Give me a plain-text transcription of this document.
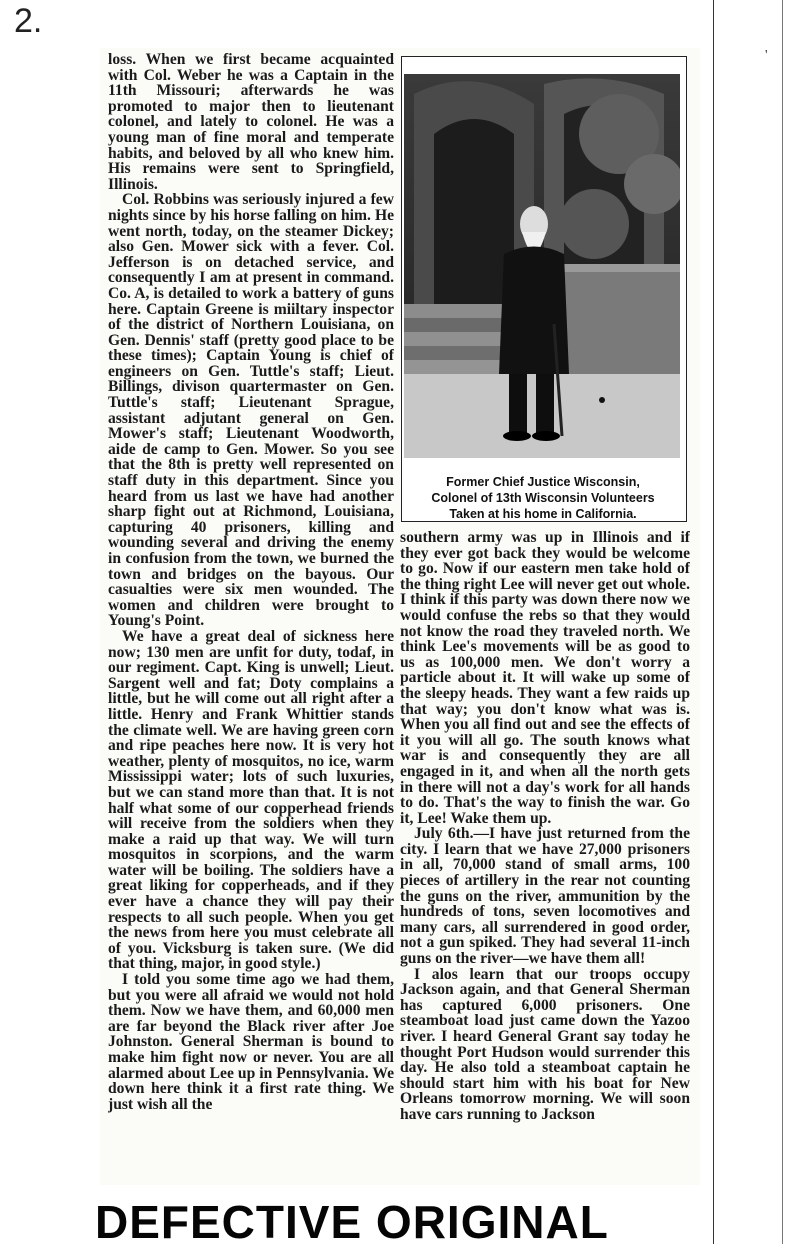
2.
'

loss. When we first became acquainted with Col. Weber he was a Captain in the 11th Missouri; afterwards he was promoted to major then to lieutenant colonel, and lately to colonel. He was a young man of fine moral and temperate habits, and beloved by all who knew him. His remains were sent to Springfield, Illinois.

Col. Robbins was seriously injured a few nights since by his horse falling on him. He went north, today, on the steamer Dickey; also Gen. Mower sick with a fever. Col. Jefferson is on detached service, and consequently I am at present in command. Co. A, is detailed to work a battery of guns here. Captain Greene is miiltary inspector of the district of Northern Louisiana, on Gen. Dennis' staff (pretty good place to be these times); Captain Young is chief of engineers on Gen. Tuttle's staff; Lieut. Billings, divison quartermaster on Gen. Tuttle's staff; Lieutenant Sprague, assistant adjutant general on Gen. Mower's staff; Lieutenant Woodworth, aide de camp to Gen. Mower. So you see that the 8th is pretty well represented on staff duty in this department. Since you heard from us last we have had another sharp fight out at Richmond, Louisiana, capturing 40 prisoners, killing and wounding several and driving the enemy in confusion from the town, we burned the town and bridges on the bayous. Our casualties were six men wounded. The women and children were brought to Young's Point.

We have a great deal of sickness here now; 130 men are unfit for duty, todaf, in our regiment. Capt. King is unwell; Lieut. Sargent well and fat; Doty complains a little, but he will come out all right after a little. Henry and Frank Whittier stands the climate well. We are having green corn and ripe peaches here now. It is very hot weather, plenty of mosquitos, no ice, warm Mississippi water; lots of such luxuries, but we can stand more than that. It is not half what some of our copperhead friends will receive from the soldiers when they make a raid up that way. We will turn mosquitos in scorpions, and the warm water will be boiling. The soldiers have a great liking for copperheads, and if they ever have a chance they will pay their respects to all such people. When you get the news from here you must celebrate all of you. Vicksburg is taken sure. (We did that thing, major, in good style.)

I told you some time ago we had them, but you were all afraid we would not hold them. Now we have them, and 60,000 men are far beyond the Black river after Joe Johnston. General Sherman is bound to make him fight now or never. You are all alarmed about Lee up in Pennsylvania. We down here think it a first rate thing. We just wish all the

Former Chief Justice Wisconsin,

Colonel of 13th Wisconsin Volunteers

Taken at his home in California.

southern army was up in Illinois and if they ever got back they would be welcome to go. Now if our eastern men take hold of the thing right Lee will never get out whole. I think if this party was down there now we would confuse the rebs so that they would not know the road they traveled north. We think Lee's movements will be as good to us as 100,000 men. We don't worry a particle about it. It will wake up some of the sleepy heads. They want a few raids up that way; you don't know what was is. When you all find out and see the effects of it you will all go. The south knows what war is and consequently they are all engaged in it, and when all the north gets in there will not a day's work for all hands to do. That's the way to finish the war. Go it, Lee! Wake them up.

July 6th.—I have just returned from the city. I learn that we have 27,000 prisoners in all, 70,000 stand of small arms, 100 pieces of artillery in the rear not counting the guns on the river, ammunition by the hundreds of tons, seven locomotives and many cars, all surrendered in good order, not a gun spiked. They had several 11-inch guns on the river—we have them all!

I alos learn that our troops occupy Jackson again, and that General Sherman has captured 6,000 prisoners. One steamboat load just came down the Yazoo river. I heard General Grant say today he thought Port Hudson would surrender this day. He also told a steamboat captain he should start him with his boat for New Orleans tomorrow morning. We will soon have cars running to Jackson

DEFECTIVE ORIGINAL
